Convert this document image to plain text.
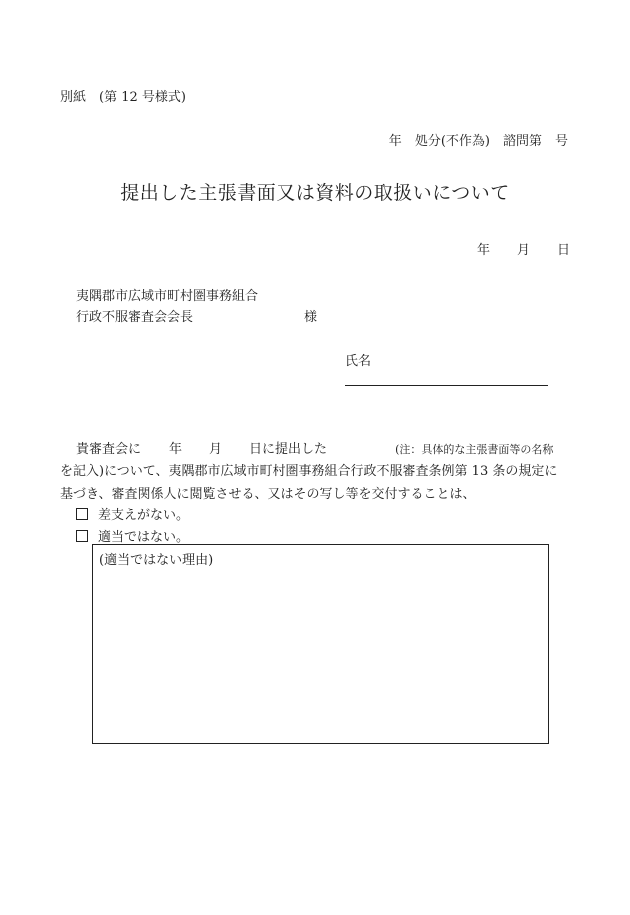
別紙　(第 12 号様式)
年 処分(不作為) 諮問第 号
提出した主張書面又は資料の取扱いについて
年 月 日
夷隅郡市広域市町村圏事務組合
行政不服審査会会長	様
氏名
貴審査会に 年 月 日に提出した	(注：具体的な主張書面等の名称
を記入)について、夷隅郡市広域市町村圏事務組合行政不服審査条例第 13 条の規定に
基づき、審査関係人に閲覧させる、又はその写し等を交付することは、
差支えがない。
適当ではない。
(適当ではない理由)
